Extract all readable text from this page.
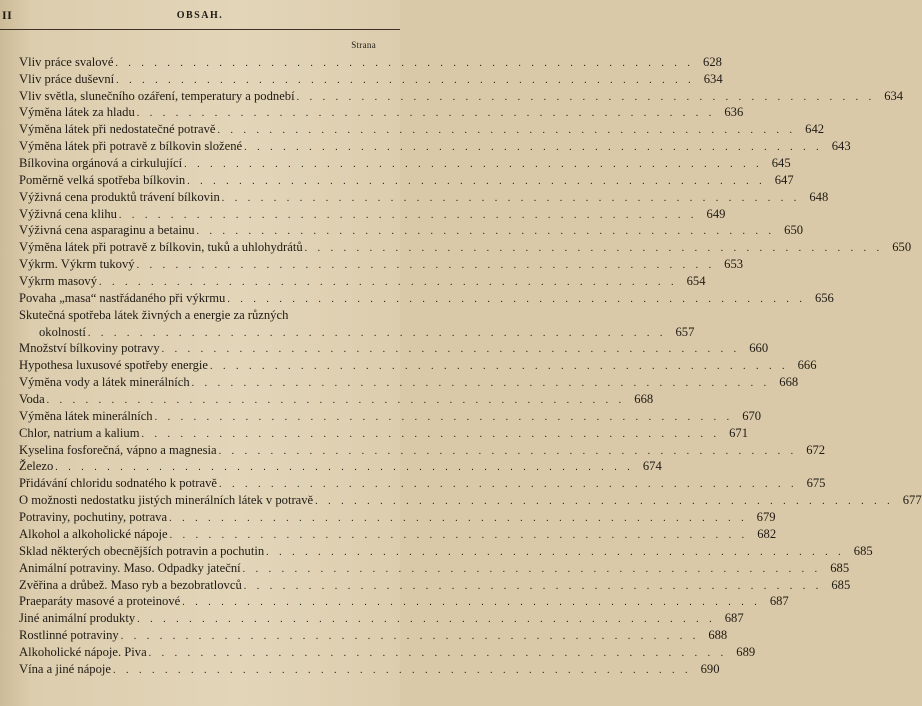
II	OBSAH.
Strana
Vliv práce svalové . . . . . . . . . . . . . . . . . . . . . . . . . . . . . . . . . . . . . . . . . . . . . 628
Vliv práce duševní . . . . . . . . . . . . . . . . . . . . . . . . . . . . . . . . . . . . . . . . . . . . . 634
Vliv světla, slunečního ozáření, temperatury a podnebí . . . . . . . . . . . . . . . . . . . . . . . . . . . . . . . . . . . . . . . . . . . . . 634
Výměna látek za hladu . . . . . . . . . . . . . . . . . . . . . . . . . . . . . . . . . . . . . . . . . . . . . 636
Výměna látek při nedostatečné potravě . . . . . . . . . . . . . . . . . . . . . . . . . . . . . . . . . . . . . . . . . . . . . 642
Výměna látek při potravě z bílkovin složené . . . . . . . . . . . . . . . . . . . . . . . . . . . . . . . . . . . . . . . . . . . . . 643
Bílkovina orgánová a cirkulující . . . . . . . . . . . . . . . . . . . . . . . . . . . . . . . . . . . . . . . . . . . . . 645
Poměrně velká spotřeba bílkovin . . . . . . . . . . . . . . . . . . . . . . . . . . . . . . . . . . . . . . . . . . . . . 647
Výživná cena produktů trávení bílkovin . . . . . . . . . . . . . . . . . . . . . . . . . . . . . . . . . . . . . . . . . . . . . 648
Výživná cena klihu . . . . . . . . . . . . . . . . . . . . . . . . . . . . . . . . . . . . . . . . . . . . . 649
Výživná cena asparaginu a betainu . . . . . . . . . . . . . . . . . . . . . . . . . . . . . . . . . . . . . . . . . . . . . 650
Výměna látek při potravě z bílkovin, tuků a uhlohydrátů . . . . . . . . . . . . . . . . . . . . . . . . . . . . . . . . . . . . . . . . . . . . . 650
Výkrm. Výkrm tukový . . . . . . . . . . . . . . . . . . . . . . . . . . . . . . . . . . . . . . . . . . . . . 653
Výkrm masový . . . . . . . . . . . . . . . . . . . . . . . . . . . . . . . . . . . . . . . . . . . . . 654
Povaha „masa“ nastřádaného při výkrmu . . . . . . . . . . . . . . . . . . . . . . . . . . . . . . . . . . . . . . . . . . . . . 656
Skutečná spotřeba látek živných a energie za různých
okolností . . . . . . . . . . . . . . . . . . . . . . . . . . . . . . . . . . . . . . . . . . . . . 657
Množství bílkoviny potravy . . . . . . . . . . . . . . . . . . . . . . . . . . . . . . . . . . . . . . . . . . . . . 660
Hypothesa luxusové spotřeby energie . . . . . . . . . . . . . . . . . . . . . . . . . . . . . . . . . . . . . . . . . . . . . 666
Výměna vody a látek minerálních . . . . . . . . . . . . . . . . . . . . . . . . . . . . . . . . . . . . . . . . . . . . . 668
Voda . . . . . . . . . . . . . . . . . . . . . . . . . . . . . . . . . . . . . . . . . . . . . 668
Výměna látek minerálních . . . . . . . . . . . . . . . . . . . . . . . . . . . . . . . . . . . . . . . . . . . . . 670
Chlor, natrium a kalium . . . . . . . . . . . . . . . . . . . . . . . . . . . . . . . . . . . . . . . . . . . . . 671
Kyselina fosforečná, vápno a magnesia . . . . . . . . . . . . . . . . . . . . . . . . . . . . . . . . . . . . . . . . . . . . . 672
Železo . . . . . . . . . . . . . . . . . . . . . . . . . . . . . . . . . . . . . . . . . . . . . 674
Přidávání chloridu sodnatého k potravě . . . . . . . . . . . . . . . . . . . . . . . . . . . . . . . . . . . . . . . . . . . . . 675
O možnosti nedostatku jistých minerálních látek v potravě . . . . . . . . . . . . . . . . . . . . . . . . . . . . . . . . . . . . . . . . . . . . . 677
Potraviny, pochutiny, potrava . . . . . . . . . . . . . . . . . . . . . . . . . . . . . . . . . . . . . . . . . . . . . 679
Alkohol a alkoholické nápoje . . . . . . . . . . . . . . . . . . . . . . . . . . . . . . . . . . . . . . . . . . . . . 682
Sklad některých obecnějších potravin a pochutin . . . . . . . . . . . . . . . . . . . . . . . . . . . . . . . . . . . . . . . . . . . . . 685
Animální potraviny. Maso. Odpadky jateční . . . . . . . . . . . . . . . . . . . . . . . . . . . . . . . . . . . . . . . . . . . . . 685
Zvěřina a drůbež. Maso ryb a bezobratlovců . . . . . . . . . . . . . . . . . . . . . . . . . . . . . . . . . . . . . . . . . . . . . 685
Praeparáty masové a proteinové . . . . . . . . . . . . . . . . . . . . . . . . . . . . . . . . . . . . . . . . . . . . . 687
Jiné animální produkty . . . . . . . . . . . . . . . . . . . . . . . . . . . . . . . . . . . . . . . . . . . . . 687
Rostlinné potraviny . . . . . . . . . . . . . . . . . . . . . . . . . . . . . . . . . . . . . . . . . . . . . 688
Alkoholické nápoje. Piva . . . . . . . . . . . . . . . . . . . . . . . . . . . . . . . . . . . . . . . . . . . . . 689
Vína a jiné nápoje . . . . . . . . . . . . . . . . . . . . . . . . . . . . . . . . . . . . . . . . . . . . . 690
